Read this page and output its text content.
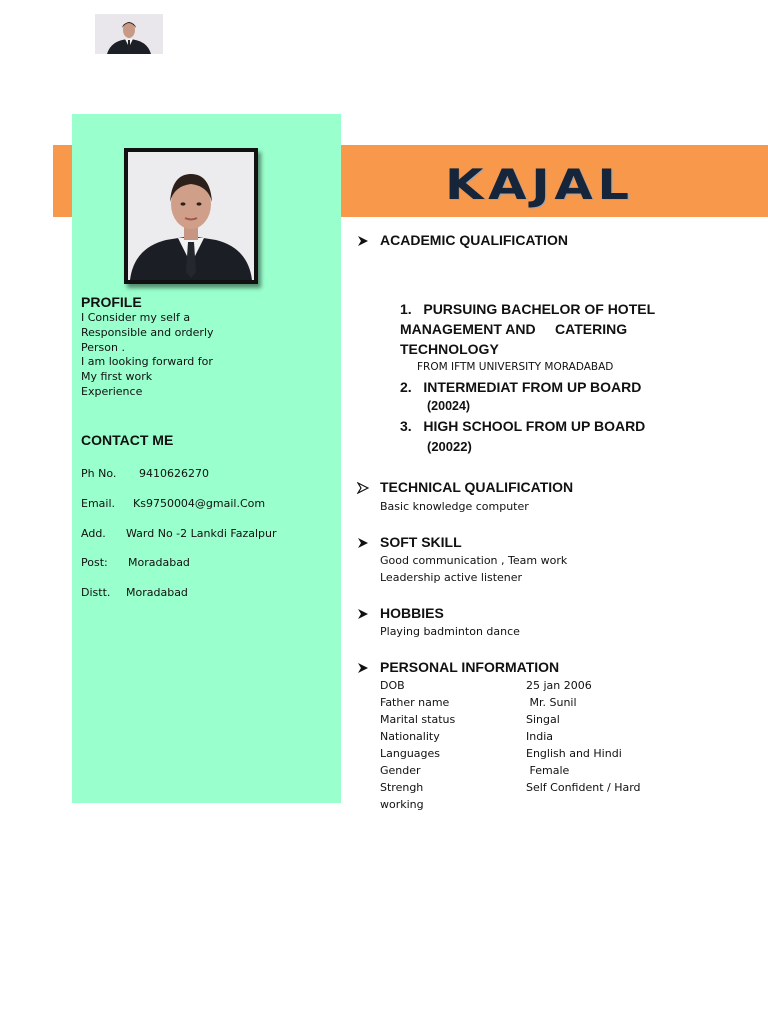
KAJAL
PROFILE
I Consider my self a
Responsible and orderly
Person .
I am looking forward for
My first work
Experience
CONTACT ME
Ph No. 9410626270
Email. Ks9750004@gmail.Com
Add. Ward No -2 Lankdi Fazalpur
Post: Moradabad
Distt. Moradabad
ACADEMIC QUALIFICATION
1. PURSUING BACHELOR OF HOTEL
MANAGEMENT AND     CATERING
TECHNOLOGY
FROM IFTM UNIVERSITY MORADABAD
2. INTERMEDIAT FROM UP BOARD
(20024)
3. HIGH SCHOOL FROM UP BOARD
(20022)
TECHNICAL QUALIFICATION
Basic knowledge computer
SOFT SKILL
Good communication , Team work
Leadership active listener
HOBBIES
Playing badminton dance
PERSONAL INFORMATION
DOB	25 jan 2006
Father name	Mr. Sunil
Marital status	Singal
Nationality	India
Languages	English and Hindi
Gender	Female
Strengh	Self Confident / Hard
working
